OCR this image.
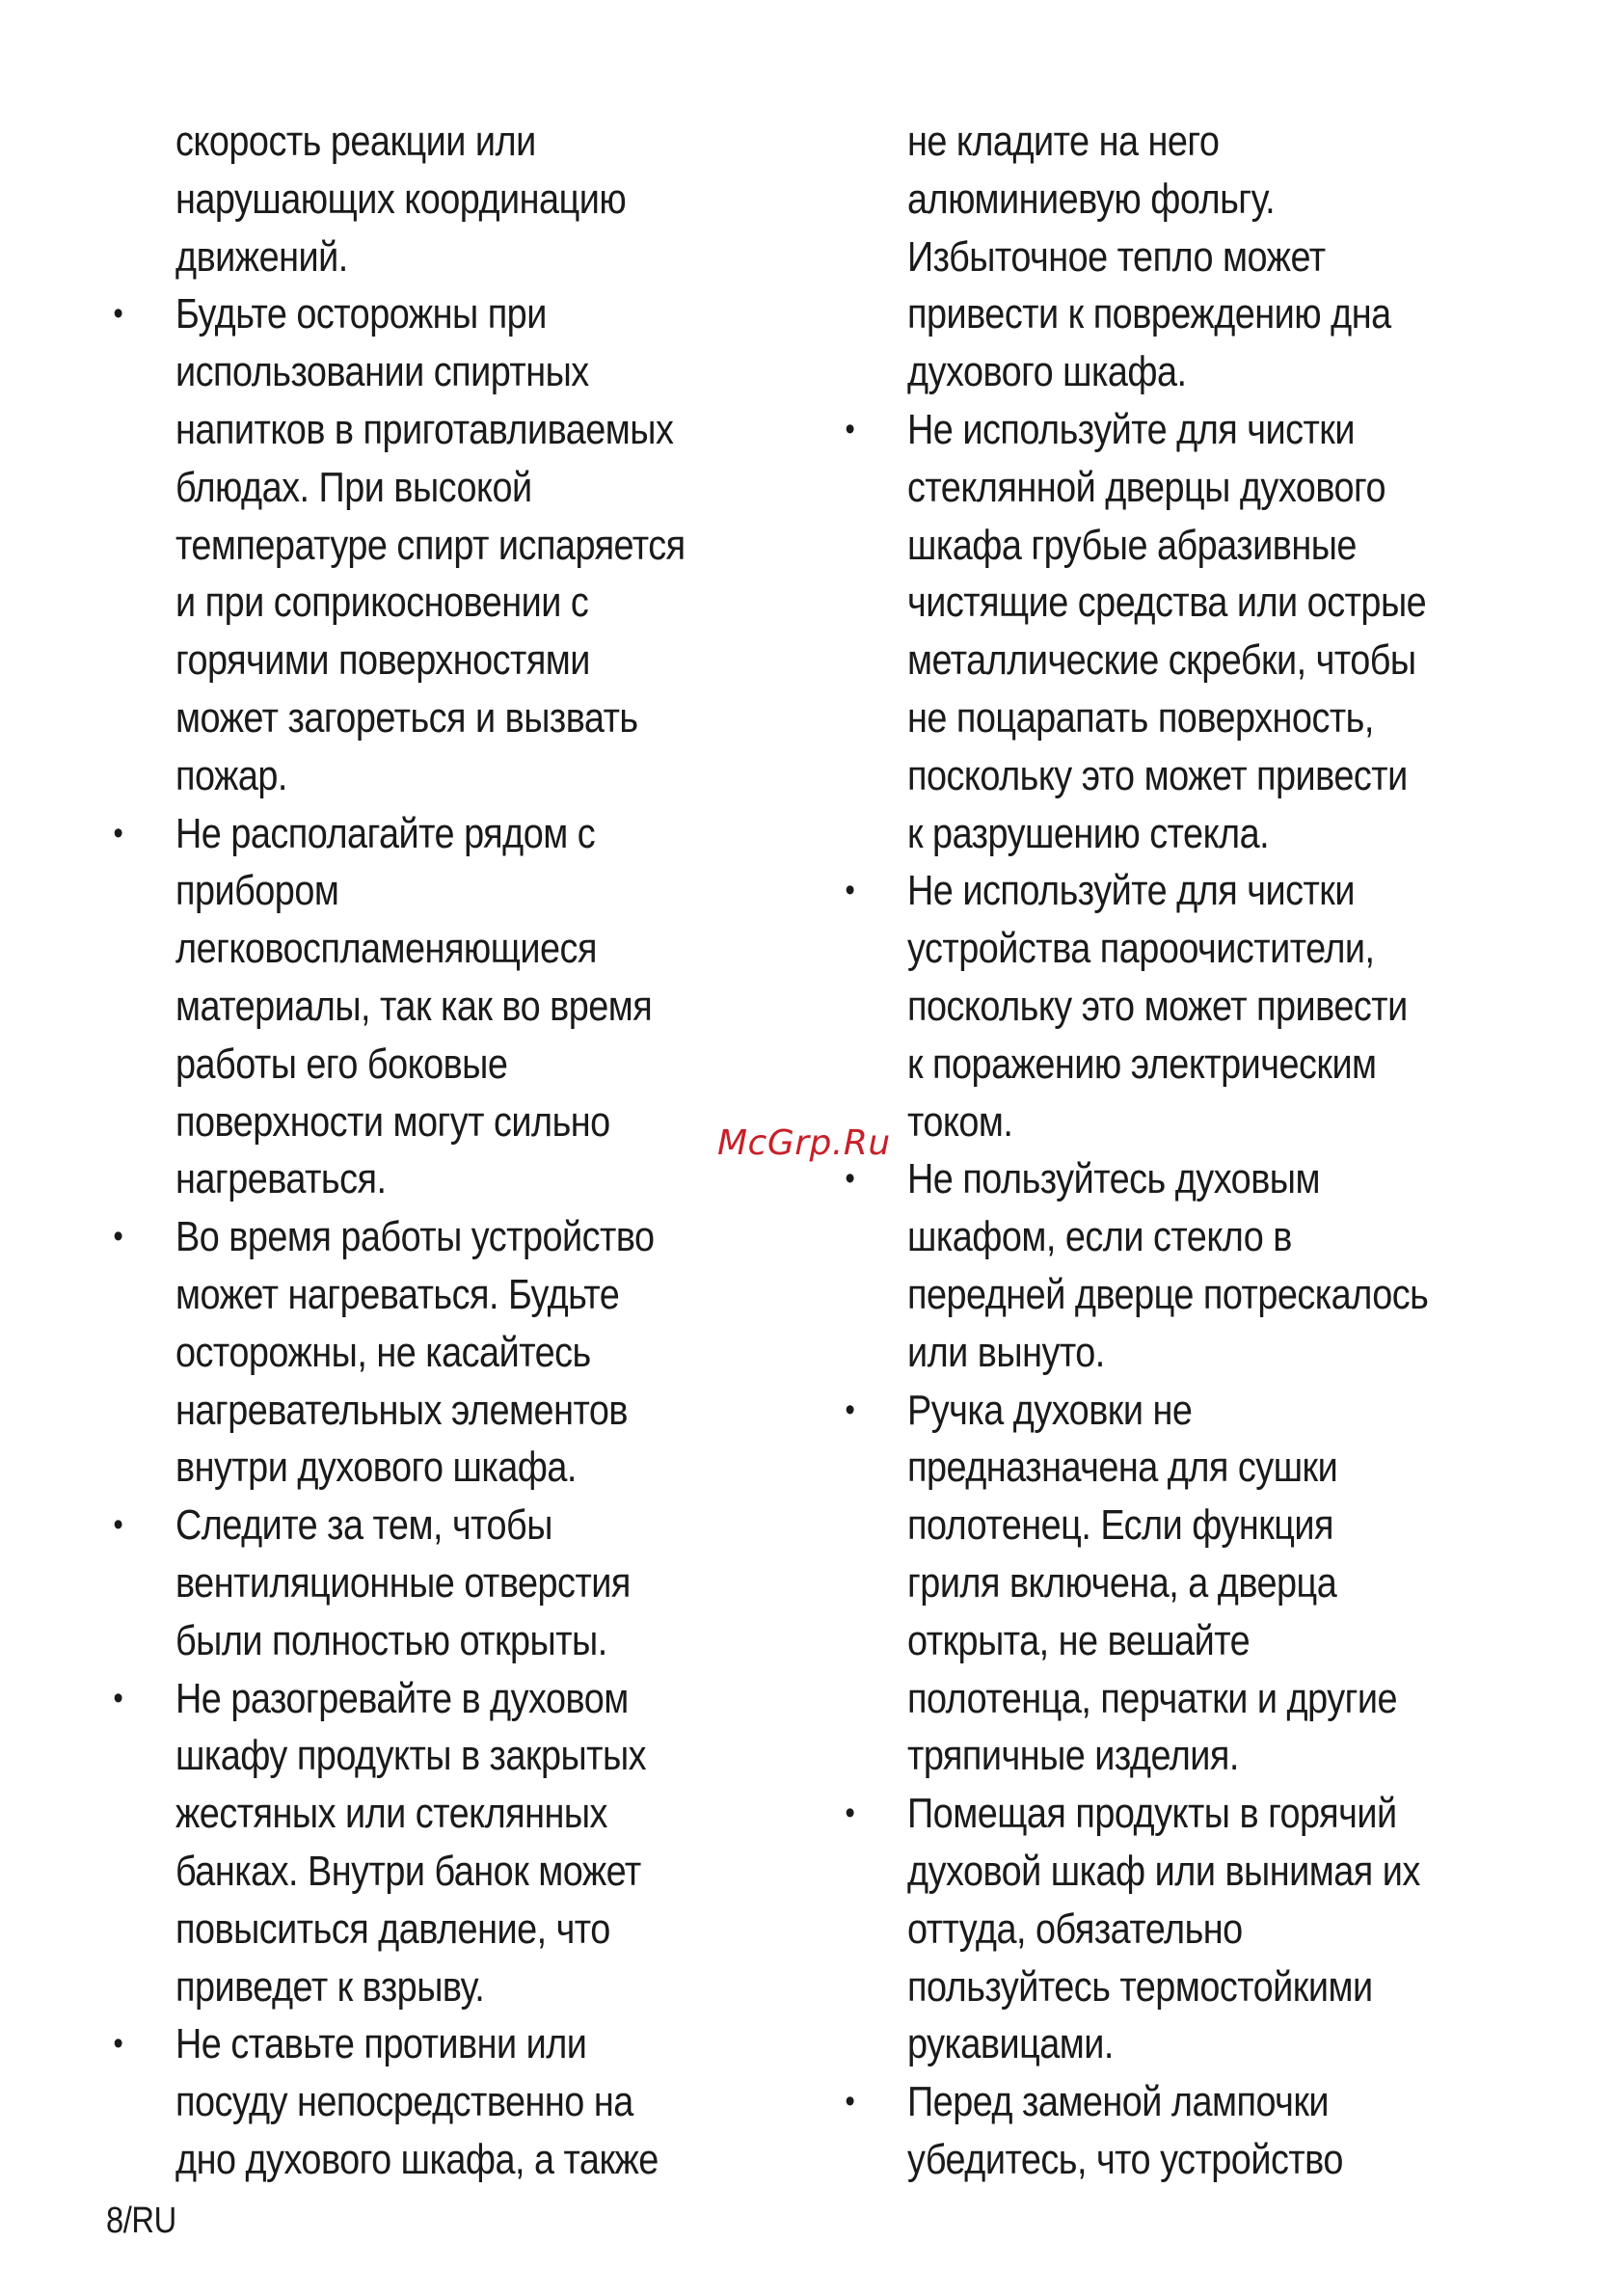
скорость реакции или
нарушающих координацию
движений.
• Будьте осторожны при
использовании спиртных
напитков в приготавливаемых
блюдах. При высокой
температуре спирт испаряется
и при соприкосновении с
горячими поверхностями
может загореться и вызвать
пожар.
• Не располагайте рядом с
прибором
легковоспламеняющиеся
материалы, так как во время
работы его боковые
поверхности могут сильно
нагреваться.
• Во время работы устройство
может нагреваться. Будьте
осторожны, не касайтесь
нагревательных элементов
внутри духового шкафа.
• Следите за тем, чтобы
вентиляционные отверстия
были полностью открыты.
• Не разогревайте в духовом
шкафу продукты в закрытых
жестяных или стеклянных
банках. Внутри банок может
повыситься давление, что
приведет к взрыву.
• Не ставьте противни или
посуду непосредственно на
дно духового шкафа, а также
не кладите на него
алюминиевую фольгу.
Избыточное тепло может
привести к повреждению дна
духового шкафа.
• Не используйте для чистки
стеклянной дверцы духового
шкафа грубые абразивные
чистящие средства или острые
металлические скребки, чтобы
не поцарапать поверхность,
поскольку это может привести
к разрушению стекла.
• Не используйте для чистки
устройства пароочистители,
поскольку это может привести
к поражению электрическим
током.
• Не пользуйтесь духовым
шкафом, если стекло в
передней дверце потрескалось
или вынуто.
• Ручка духовки не
предназначена для сушки
полотенец. Если функция
гриля включена, а дверца
открыта, не вешайте
полотенца, перчатки и другие
тряпичные изделия.
• Помещая продукты в горячий
духовой шкаф или вынимая их
оттуда, обязательно
пользуйтесь термостойкими
рукавицами.
• Перед заменой лампочки
убедитесь, что устройство
McGrp.Ru
8/RU
